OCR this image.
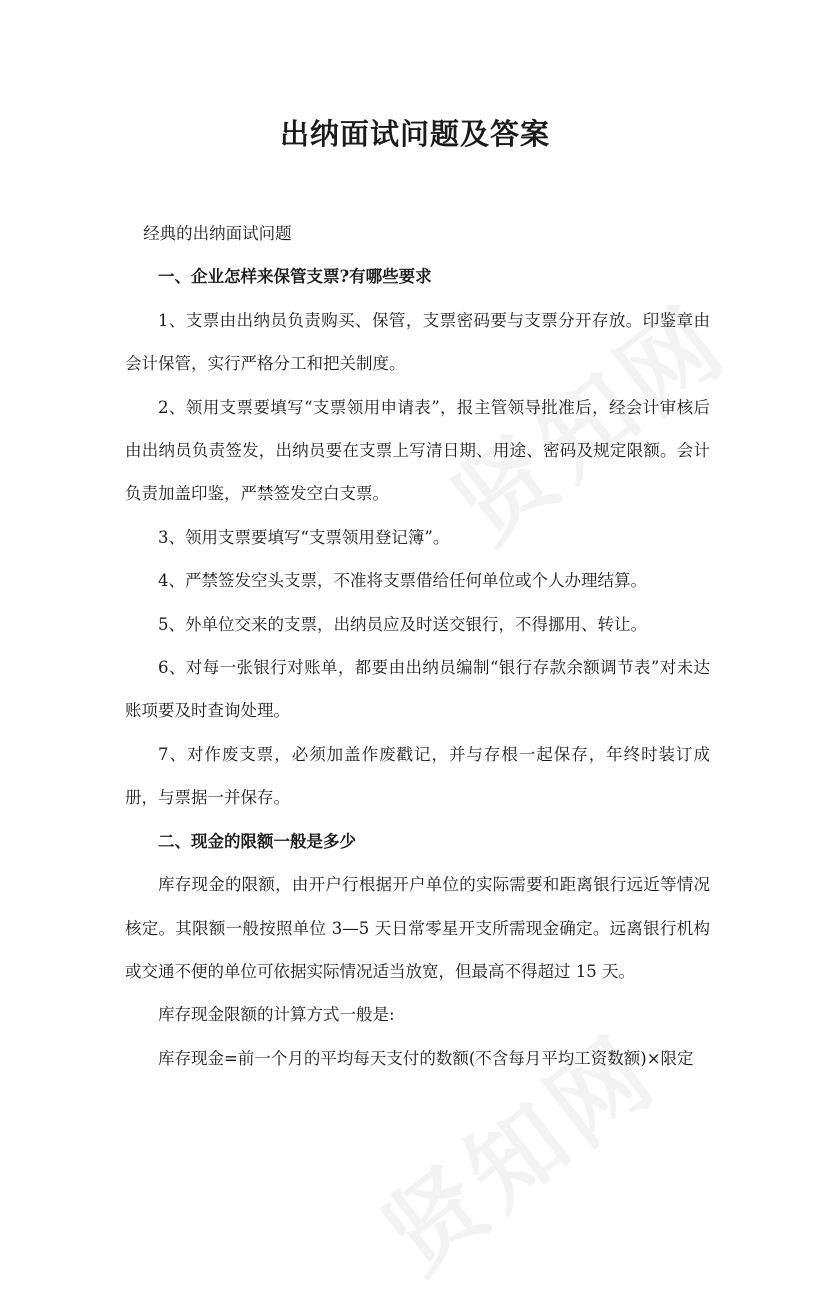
出纳面试问题及答案

经典的出纳面试问题

一、企业怎样来保管支票?有哪些要求

1、支票由出纳员负责购买、保管，支票密码要与支票分开存放。印鉴章由会计保管，实行严格分工和把关制度。

2、领用支票要填写“支票领用申请表”，报主管领导批准后，经会计审核后由出纳员负责签发，出纳员要在支票上写清日期、用途、密码及规定限额。会计负责加盖印鉴，严禁签发空白支票。

3、领用支票要填写“支票领用登记簿”。

4、严禁签发空头支票，不准将支票借给任何单位或个人办理结算。

5、外单位交来的支票，出纳员应及时送交银行，不得挪用、转让。

6、对每一张银行对账单，都要由出纳员编制“银行存款余额调节表”对未达账项要及时查询处理。

7、对作废支票，必须加盖作废戳记，并与存根一起保存，年终时装订成册，与票据一并保存。

二、现金的限额一般是多少

库存现金的限额，由开户行根据开户单位的实际需要和距离银行远近等情况核定。其限额一般按照单位 3—5 天日常零星开支所需现金确定。远离银行机构或交通不便的单位可依据实际情况适当放宽，但最高不得超过 15 天。

库存现金限额的计算方式一般是:

库存现金=前一个月的平均每天支付的数额(不含每月平均工资数额)×限定
